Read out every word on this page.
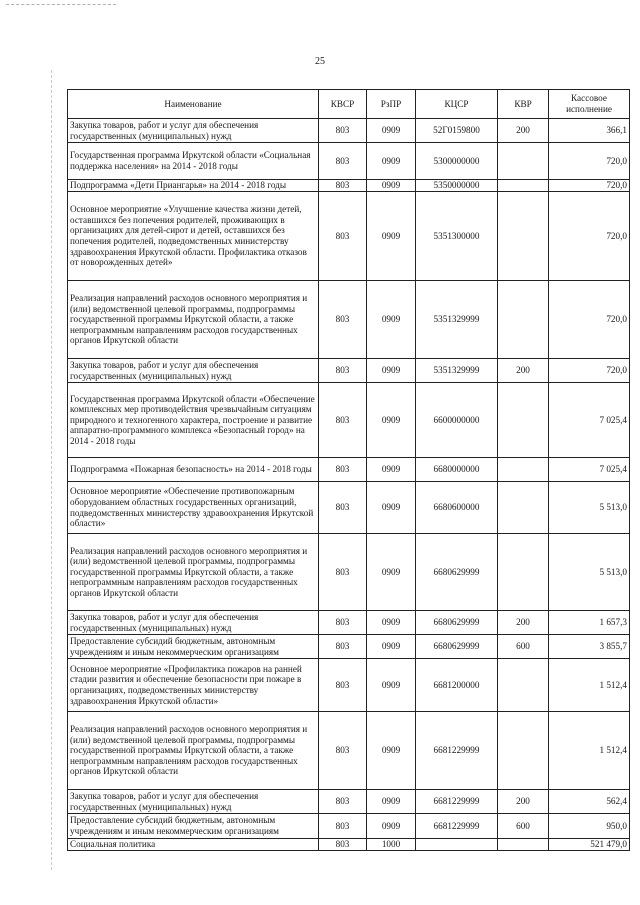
25
Наименование	КВСР	РзПР	КЦСР	КВР	Кассовое исполнение
Закупка товаров, работ и услуг для обеспечения государственных (муниципальных) нужд	803	0909	52Г0159800	200	366,1
Государственная программа Иркутской области «Социальная поддержка населения» на 2014 - 2018 годы	803	0909	5300000000		720,0
Подпрограмма «Дети Приангарья» на 2014 - 2018 годы	803	0909	5350000000		720,0
Основное мероприятие «Улучшение качества жизни детей, оставшихся без попечения родителей, проживающих в организациях для детей-сирот и детей, оставшихся без попечения родителей, подведомственных министерству здравоохранения Иркутской области. Профилактика отказов от новорожденных детей»	803	0909	5351300000		720,0
Реализация направлений расходов основного мероприятия и (или) ведомственной целевой программы, подпрограммы государственной программы Иркутской области, а также непрограммным направлениям расходов государственных органов Иркутской области	803	0909	5351329999		720,0
Закупка товаров, работ и услуг для обеспечения государственных (муниципальных) нужд	803	0909	5351329999	200	720,0
Государственная программа Иркутской области «Обеспечение комплексных мер противодействия чрезвычайным ситуациям природного и техногенного характера, построение и развитие аппаратно-программного комплекса «Безопасный город» на 2014 - 2018 годы	803	0909	6600000000		7 025,4
Подпрограмма «Пожарная безопасность» на 2014 - 2018 годы	803	0909	6680000000		7 025,4
Основное мероприятие «Обеспечение противопожарным оборудованием областных государственных организаций, подведомственных министерству здравоохранения Иркутской области»	803	0909	6680600000		5 513,0
Реализация направлений расходов основного мероприятия и (или) ведомственной целевой программы, подпрограммы государственной программы Иркутской области, а также непрограммным направлениям расходов государственных органов Иркутской области	803	0909	6680629999		5 513,0
Закупка товаров, работ и услуг для обеспечения государственных (муниципальных) нужд	803	0909	6680629999	200	1 657,3
Предоставление субсидий бюджетным, автономным учреждениям и иным некоммерческим организациям	803	0909	6680629999	600	3 855,7
Основное мероприятие «Профилактика пожаров на ранней стадии развития и обеспечение безопасности при пожаре в организациях, подведомственных министерству здравоохранения Иркутской области»	803	0909	6681200000		1 512,4
Реализация направлений расходов основного мероприятия и (или) ведомственной целевой программы, подпрограммы государственной программы Иркутской области, а также непрограммным направлениям расходов государственных органов Иркутской области	803	0909	6681229999		1 512,4
Закупка товаров, работ и услуг для обеспечения государственных (муниципальных) нужд	803	0909	6681229999	200	562,4
Предоставление субсидий бюджетным, автономным учреждениям и иным некоммерческим организациям	803	0909	6681229999	600	950,0
Социальная политика	803	1000			521 479,0
